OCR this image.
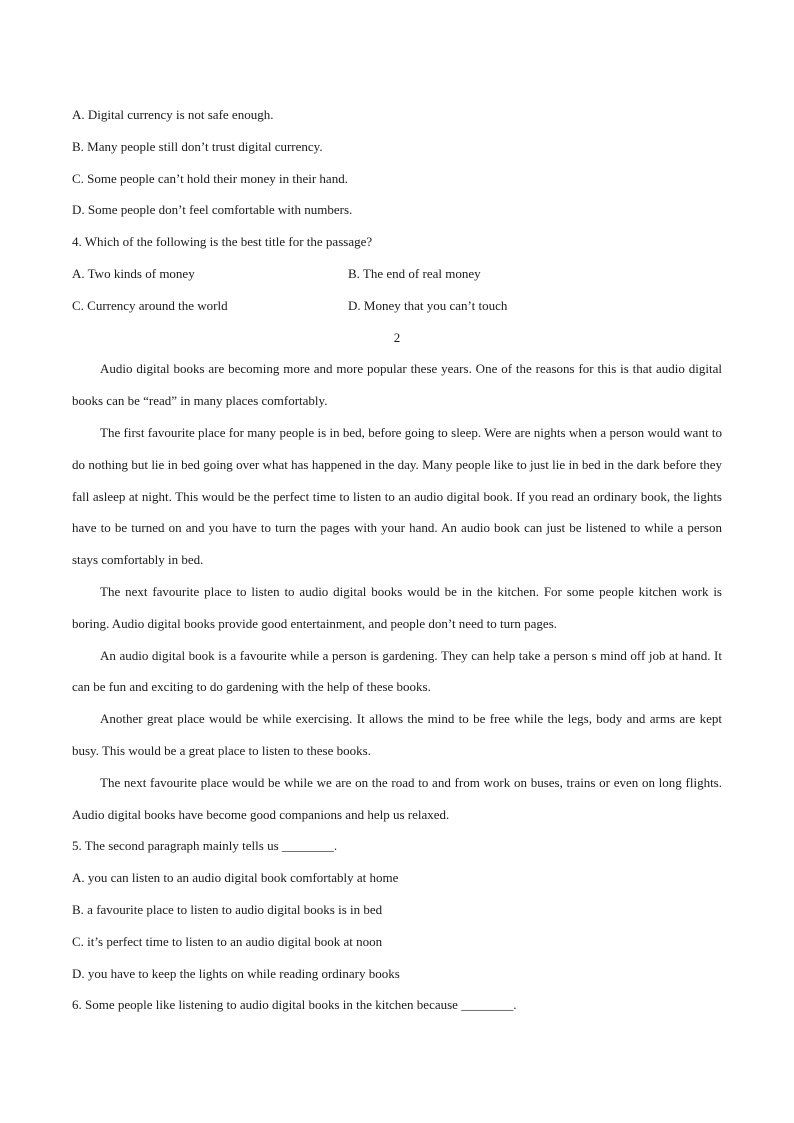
A. Digital currency is not safe enough.
B. Many people still don’t trust digital currency.
C. Some people can’t hold their money in their hand.
D. Some people don’t feel comfortable with numbers.
4. Which of the following is the best title for the passage?
A. Two kinds of money	B. The end of real money
C. Currency around the world	D. Money that you can’t touch
2

Audio digital books are becoming more and more popular these years. One of the reasons for this is that audio digital books can be “read” in many places comfortably.

The first favourite place for many people is in bed, before going to sleep. Were are nights when a person would want to do nothing but lie in bed going over what has happened in the day. Many people like to just lie in bed in the dark before they fall asleep at night. This would be the perfect time to listen to an audio digital book. If you read an ordinary book, the lights have to be turned on and you have to turn the pages with your hand. An audio book can just be listened to while a person stays comfortably in bed.

The next favourite place to listen to audio digital books would be in the kitchen. For some people kitchen work is boring. Audio digital books provide good entertainment, and people don’t need to turn pages.

An audio digital book is a favourite while a person is gardening. They can help take a person s mind off job at hand. It can be fun and exciting to do gardening with the help of these books.

Another great place would be while exercising. It allows the mind to be free while the legs, body and arms are kept busy. This would be a great place to listen to these books.

The next favourite place would be while we are on the road to and from work on buses, trains or even on long flights. Audio digital books have become good companions and help us relaxed.

5. The second paragraph mainly tells us ________.
A. you can listen to an audio digital book comfortably at home
B. a favourite place to listen to audio digital books is in bed
C. it’s perfect time to listen to an audio digital book at noon
D. you have to keep the lights on while reading ordinary books
6. Some people like listening to audio digital books in the kitchen because ________.
